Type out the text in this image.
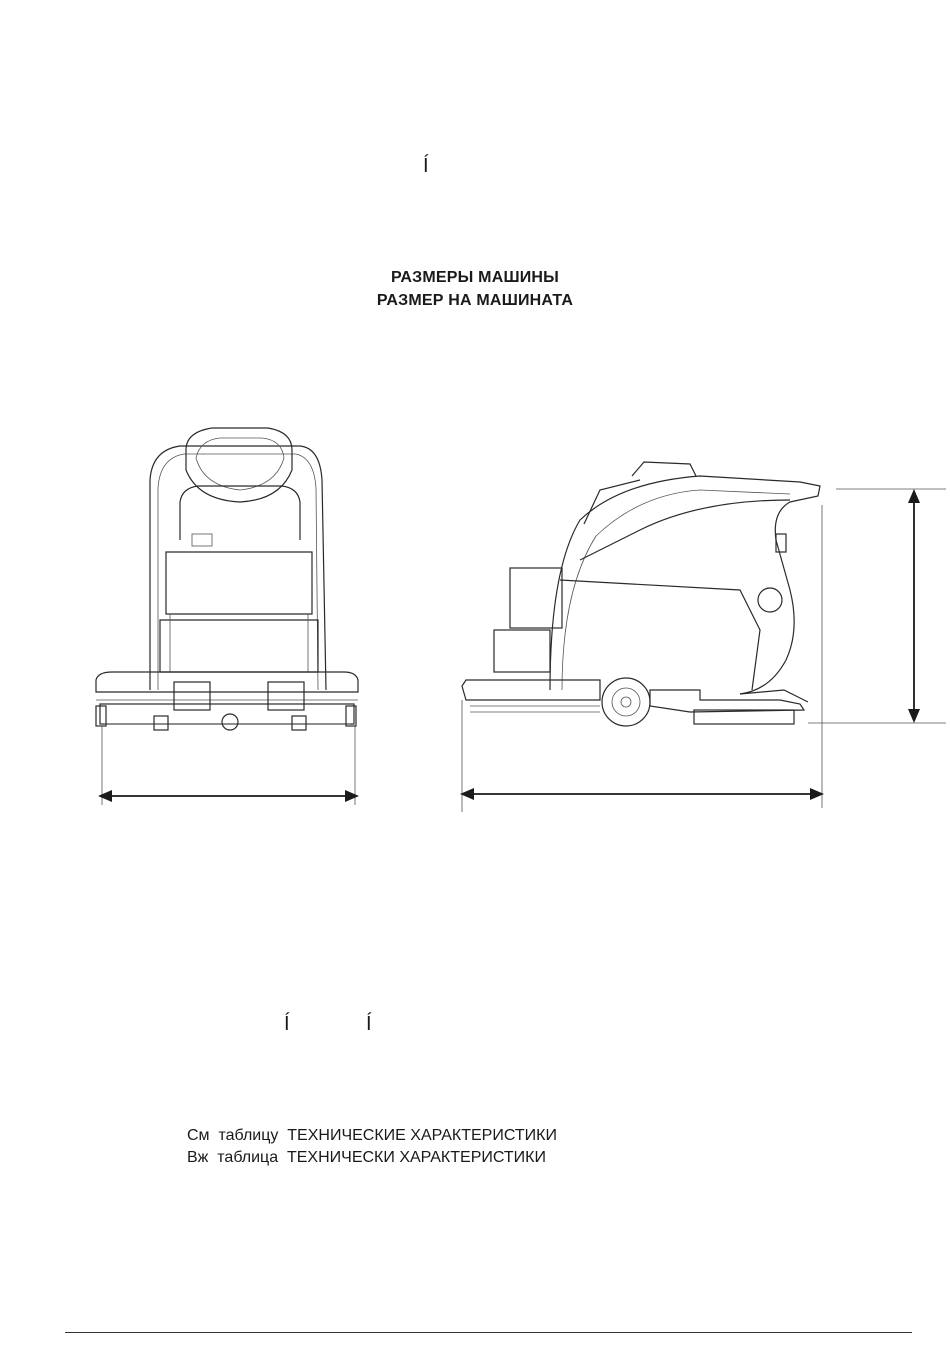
Í
РАЗМЕРЫ МАШИНЫ
РАЗМЕР НА МАШИНАТА
Í	Í
См  таблицу ТЕХНИЧЕСКИЕ ХАРАКТЕРИСТИКИ
Вж  таблица ТЕХНИЧЕСКИ ХАРАКТЕРИСТИКИ
